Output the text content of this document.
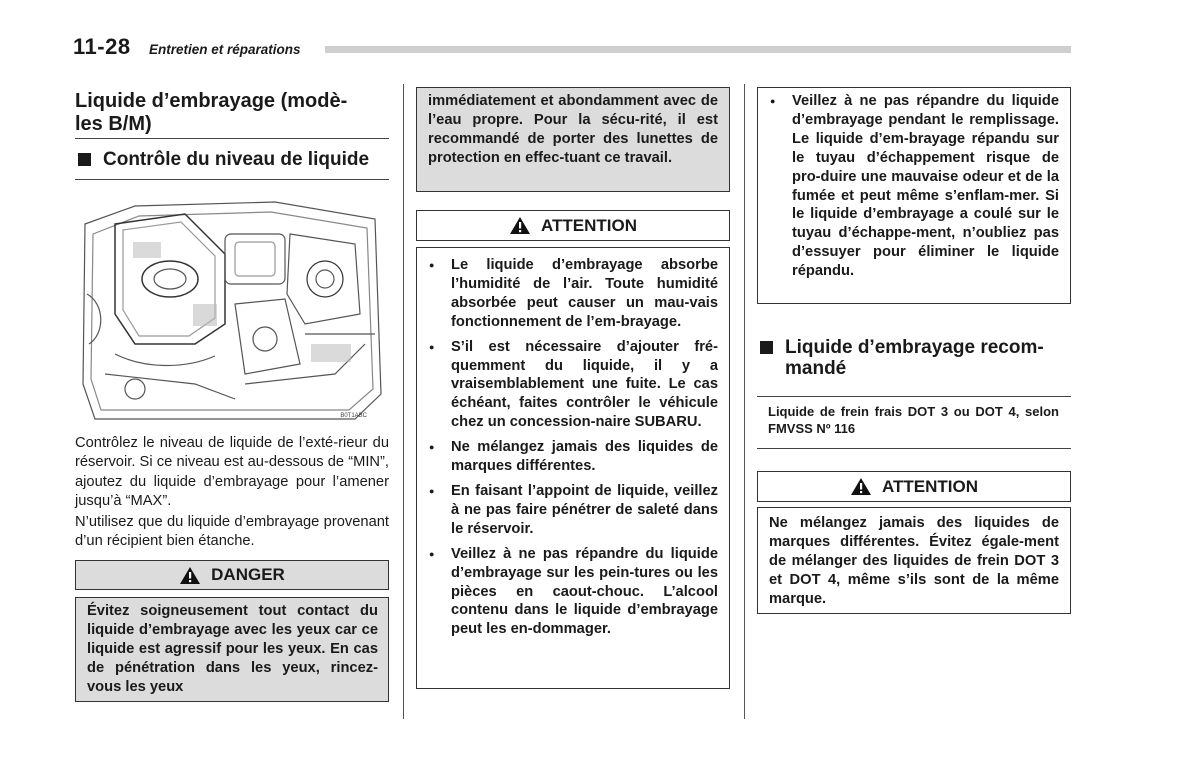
11-28 Entretien et réparations
Liquide d’embrayage (modè-
les B/M)
Contrôle du niveau de liquide
B0T1ABC

Contrôlez le niveau de liquide de l’exté-rieur du réservoir. Si ce niveau est au-dessous de “MIN”, ajoutez du liquide d’embrayage pour l’amener jusqu’à “MAX”.

N’utilisez que du liquide d’embrayage provenant d’un récipient bien étanche.

DANGER
Évitez soigneusement tout contact du liquide d’embrayage avec les yeux car ce liquide est agressif pour les yeux. En cas de pénétration dans les yeux, rincez-vous les yeux
immédiatement et abondamment avec de l’eau propre. Pour la sécu-rité, il est recommandé de porter des lunettes de protection en effec-tuant ce travail.
ATTENTION
● Le liquide d’embrayage absorbe l’humidité de l’air. Toute humidité absorbée peut causer un mau-vais fonctionnement de l’em-brayage.
● S’il est nécessaire d’ajouter fré-quemment du liquide, il y a vraisemblablement une fuite. Le cas échéant, faites contrôler le véhicule chez un concession-naire SUBARU.
● Ne mélangez jamais des liquides de marques différentes.
● En faisant l’appoint de liquide, veillez à ne pas faire pénétrer de saleté dans le réservoir.
● Veillez à ne pas répandre du liquide d’embrayage sur les pein-tures ou les pièces en caout-chouc. L’alcool contenu dans le liquide d’embrayage peut les en-dommager.
● Veillez à ne pas répandre du liquide d’embrayage pendant le remplissage. Le liquide d’em-brayage répandu sur le tuyau d’échappement risque de pro-duire une mauvaise odeur et de la fumée et peut même s’enflam-mer. Si le liquide d’embrayage a coulé sur le tuyau d’échappe-ment, n’oubliez pas d’essuyer pour éliminer le liquide répandu.
Liquide d’embrayage recom-
mandé
Liquide de frein frais DOT 3 ou DOT 4, selon FMVSS Nº 116
ATTENTION
Ne mélangez jamais des liquides de marques différentes. Évitez égale-ment de mélanger des liquides de frein DOT 3 et DOT 4, même s’ils sont de la même marque.
